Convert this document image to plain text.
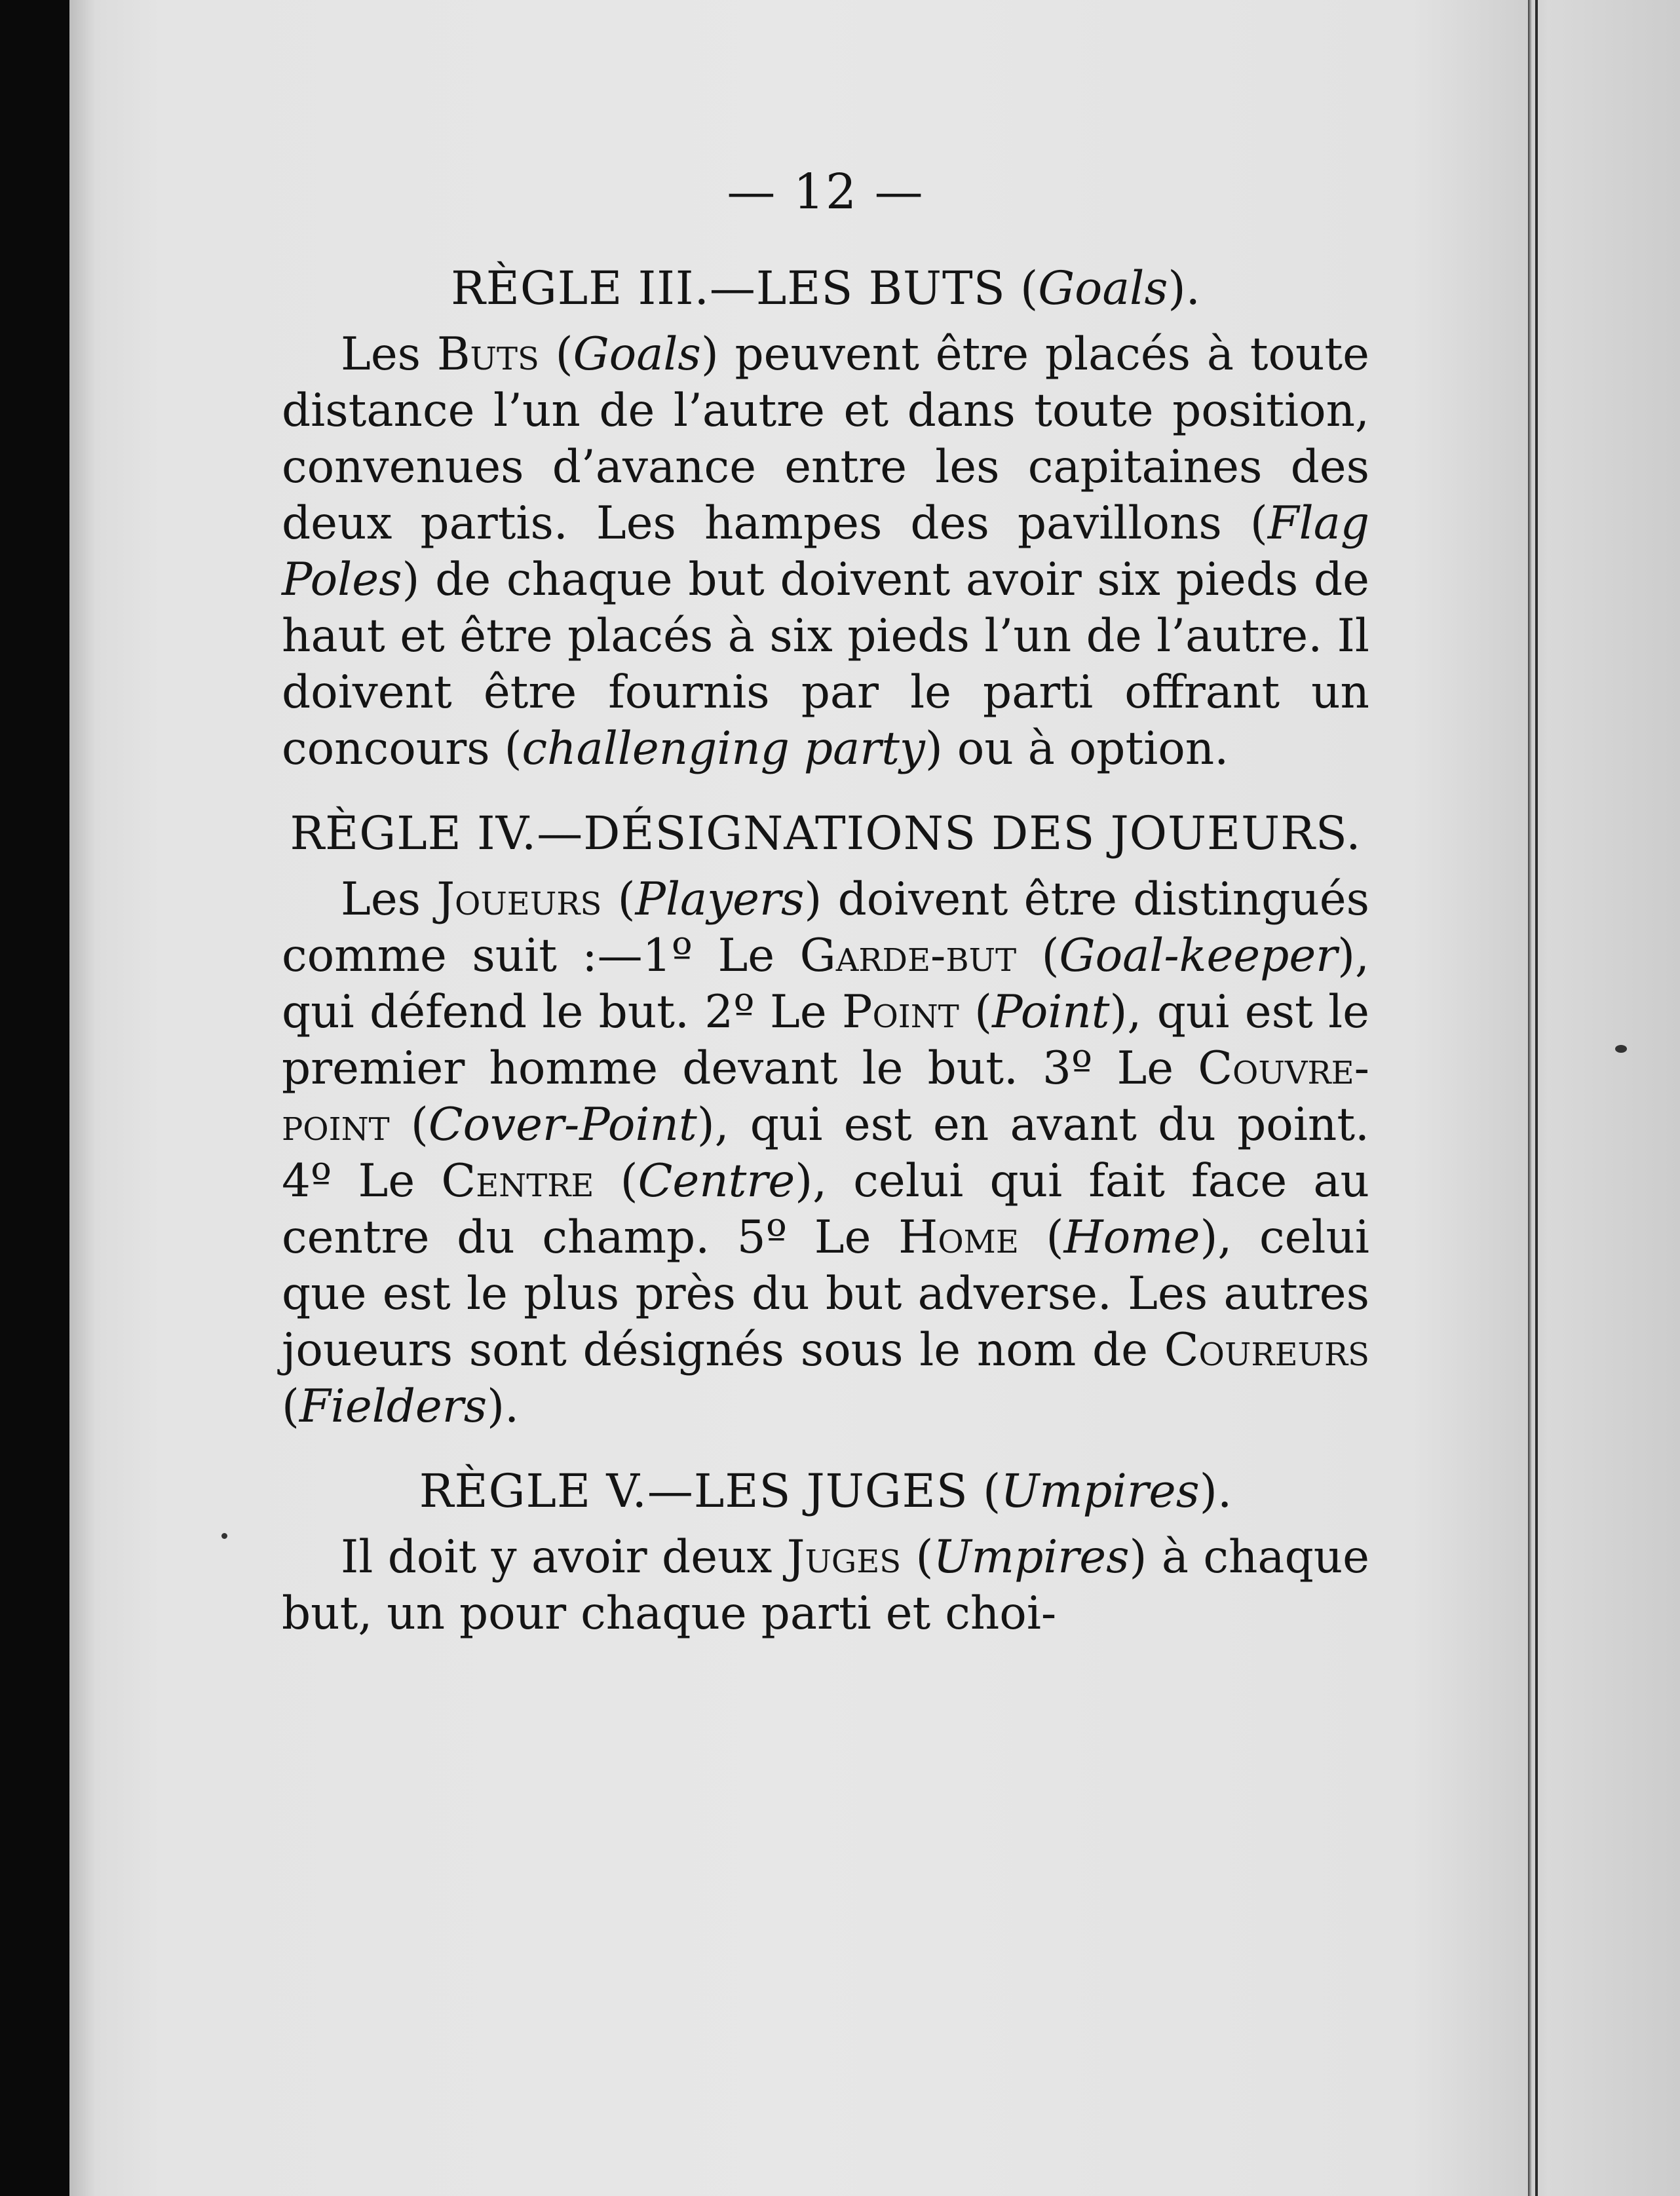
— 12 —
RÈGLE III.—LES BUTS (Goals).
Les Buts (Goals) peuvent être placés à toute distance l’un de l’autre et dans toute position, convenues d’avance entre les capitaines des deux partis. Les hampes des pavillons (Flag Poles) de chaque but doivent avoir six pieds de haut et être placés à six pieds l’un de l’autre. Il doivent être fournis par le parti offrant un concours (challenging party) ou à option.
RÈGLE IV.—DÉSIGNATIONS DES JOUEURS.
Les Joueurs (Players) doivent être distingués comme suit :—1º Le Garde-but (Goal-keeper), qui défend le but. 2º Le Point (Point), qui est le premier homme devant le but. 3º Le Couvre-point (Cover-Point), qui est en avant du point. 4º Le Centre (Centre), celui qui fait face au centre du champ. 5º Le Home (Home), celui que est le plus près du but adverse. Les autres joueurs sont désignés sous le nom de Coureurs (Fielders).
RÈGLE V.—LES JUGES (Umpires).
Il doit y avoir deux Juges (Umpires) à chaque but, un pour chaque parti et choi-
